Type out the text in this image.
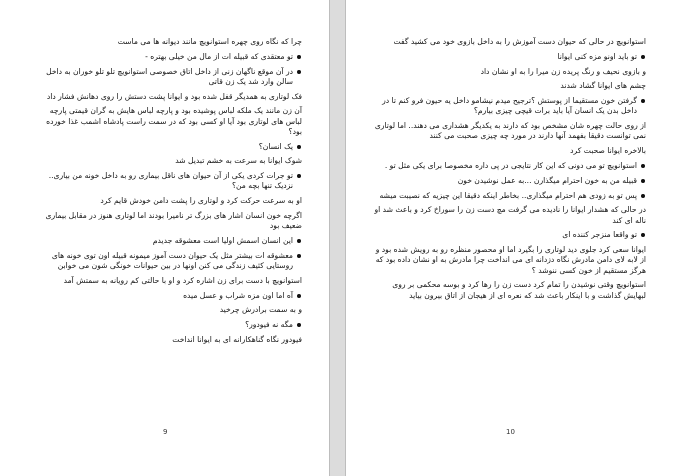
چرا که نگاه روی چهره استوانویچ مانند دیوانه ها می ماست
تو معتقدی که قبیله ات از مال من خیلی بهتره -
در آن موقع ناگهان زنی از داخل اتاق خصوصی استوانویچ تلو تلو خوران به داخل سالن وارد شد یک زن قاتی
فک لوتاری به همدیگر قفل شده بود و ایوانا پشت دستش را روی دهانش فشار داد
آن زن مانند یک ملکه لباس پوشیده بود و پارچه لباس هایش به گران قیمتی پارچه لباس های لوتاری بود آیا او کسی بود که در سمت راست پادشاه اشمب غذا خورده بود؟
یک انسان؟
شوک ایوانا به سرعت به خشم تبدیل شد
تو جرات کردی یکی از آن حیوان های ناقل بیماری رو به داخل خونه من بیاری.. نزدیک تنها بچه من؟
او به سرعت حرکت کرد و لوتاری را پشت دامن خودش قایم کرد
اگرچه خون انسان اشار های بزرگ تر نامیرا بودند اما لوتاری هنوز در مقابل بیماری ضعیف بود
این انسان اسمش اولیا است معشوقه جدیدم
معشوقه ات بیشتر مثل یک حیوان دست آموز میمونه قبیله اون توی خونه های روستایی کثیف زندگی می کنن اونها در بین حیوانات خونگی شون می خوابن
استوانویچ با دست برای زن اشاره کرد و او با حالتی کم رویانه به سمتش آمد
آه اما اون مزه شراب و عسل میده
و به سمت برادرش چرخید
مگه نه فیودور؟
فیودور نگاه گناهکارانه ای به ایوانا انداخت
9
استوانویچ در حالی که حیوان دست آموزش را به داخل بازوی خود می کشید گفت
تو باید اونو مزه کنی ایوانا
و بازوی نحیف و رنگ پریده زن میرا را به او نشان داد
چشم های ایوانا گشاد شدند
گرفتن خون مستقیما از پوستش ؟ترجیح میدم نیشامو داخل یه حیون فرو کنم تا در داخل بدن یک انسان آیا باید برات قیچی چیزی بیارم؟
از روی حالت چهره شان مشخص بود که دارند به یکدیگر هشداری می دهند.. اما لوتاری نمی توانست دقیقا بفهمد آنها دارند در مورد چه چیزی صحبت می کنند
بالاخره ایوانا صحبت کرد
استوانویچ تو می دونی که این کار نتایجی در پی داره مخصوصا برای یکی مثل تو .
قبیله من به خون احترام میگذارن ...به عمل نوشیدن خون
پس تو به زودی هم احترام میگذاری.. بخاطر اینکه دقیقا این چیزیه که نصیبت میشه
در حالی که هشدار ایوانا را نادیده می گرفت مچ دست زن را سوراخ کرد و باعث شد او ناله ای کند
تو واقعا منزجر کننده ای
ایوانا سعی کرد جلوی دید لوتاری را بگیرد اما او محصور منظره رو به رویش شده بود و از لابه لای دامن مادرش نگاه دزدانه ای می انداخت چرا مادرش به او نشان داده بود که هرگز مستقیم از خون کسی ننوشد ؟
استوانویچ وقتی نوشیدن را تمام کرد دست زن را رها کرد و بوسه محکمی بر روی لبهایش گذاشت و با اینکار باعث شد که نعره ای از هیجان از اتاق بیرون بیاید
10
